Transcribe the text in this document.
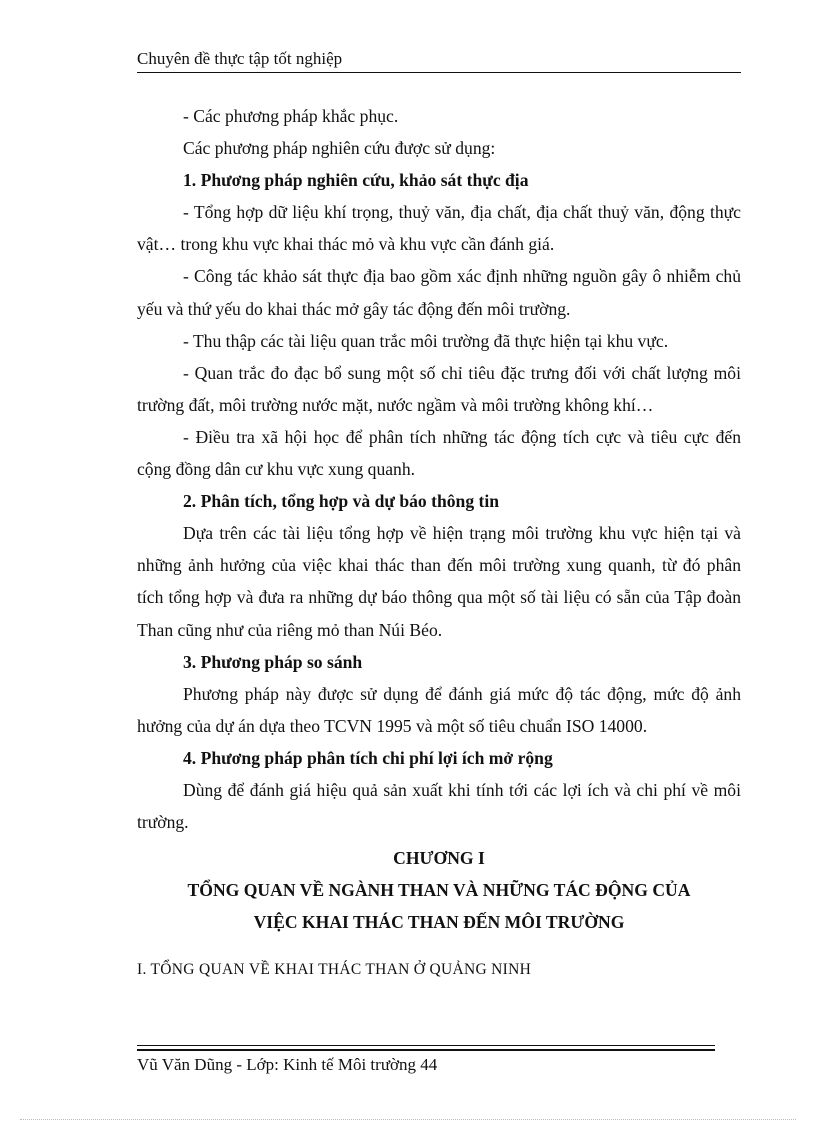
Chuyên đề thực tập tốt nghiệp

- Các phương pháp khắc phục.

Các phương pháp nghiên cứu được sử dụng:

1. Phương pháp nghiên cứu, khảo sát thực địa

- Tổng hợp dữ liệu khí trọng, thuỷ văn, địa chất, địa chất thuỷ văn, động thực vật… trong khu vực khai thác mỏ và khu vực cần đánh giá.

- Công tác khảo sát thực địa bao gồm xác định những nguồn gây ô nhiễm chủ yếu và thứ yếu do khai thác mở gây tác động đến môi trường.

- Thu thập các tài liệu quan trắc môi trường đã thực hiện tại khu vực.

- Quan trắc đo đạc bổ sung một số chỉ tiêu đặc trưng đối với chất lượng môi trường đất, môi trường nước mặt, nước ngầm và môi trường không khí…

- Điều tra xã hội học để phân tích những tác động tích cực và tiêu cực đến cộng đồng dân cư khu vực xung quanh.

2. Phân tích, tổng hợp và dự báo thông tin

Dựa trên các tài liệu tổng hợp về hiện trạng môi trường khu vực hiện tại và những ảnh hưởng của việc khai thác than đến môi trường xung quanh, từ đó phân tích tổng hợp và đưa ra những dự báo thông qua một số tài liệu có sẵn của Tập đoàn Than cũng như của riêng mỏ than Núi Béo.

3. Phương pháp so sánh

Phương pháp này được sử dụng để đánh giá mức độ tác động, mức độ ảnh hưởng của dự án dựa theo TCVN 1995 và một số tiêu chuẩn ISO 14000.

4. Phương pháp phân tích chi phí lợi ích mở rộng

Dùng để đánh giá hiệu quả sản xuất khi tính tới các lợi ích và chi phí về môi trường.

CHƯƠNG I

TỔNG QUAN VỀ NGÀNH THAN VÀ NHỮNG TÁC ĐỘNG CỦA

VIỆC KHAI THÁC THAN ĐẾN MÔI TRƯỜNG

I. TỔNG QUAN VỀ KHAI THÁC THAN Ở QUẢNG NINH

Vũ Văn Dũng - Lớp: Kinh tế Môi trường 44
